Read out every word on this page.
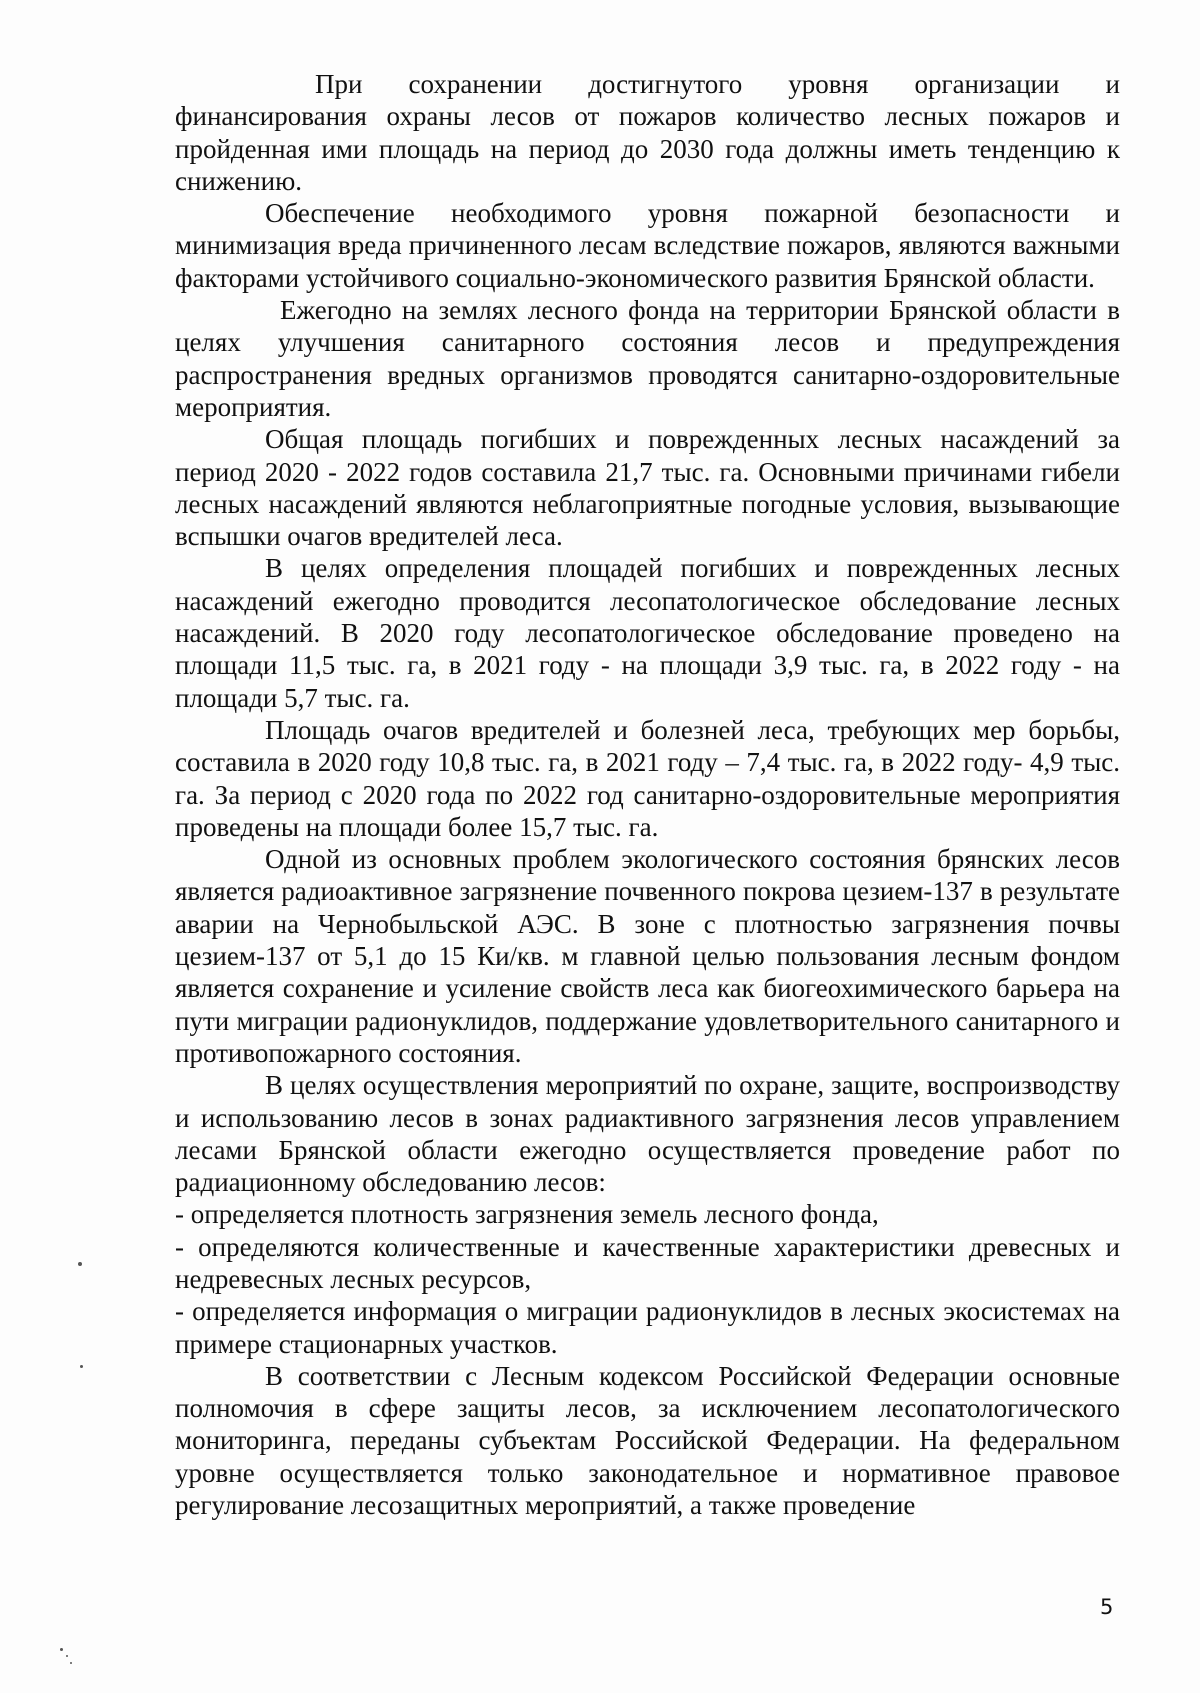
При сохранении достигнутого уровня организации и финансирования охраны лесов от пожаров количество лесных пожаров и пройденная ими площадь на период до 2030 года должны иметь тенденцию к снижению.

Обеспечение необходимого уровня пожарной безопасности и минимизация вреда причиненного лесам вследствие пожаров, являются важными факторами устойчивого социально-экономического развития Брянской области.

Ежегодно на землях лесного фонда на территории Брянской области в целях улучшения санитарного состояния лесов и предупреждения распространения вредных организмов проводятся санитарно-оздоровительные мероприятия.

Общая площадь погибших и поврежденных лесных насаждений за период 2020 - 2022 годов составила 21,7 тыс. га. Основными причинами гибели лесных насаждений являются неблагоприятные погодные условия, вызывающие вспышки очагов вредителей леса.

В целях определения площадей погибших и поврежденных лесных насаждений ежегодно проводится лесопатологическое обследование лесных насаждений. В 2020 году лесопатологическое обследование проведено на площади 11,5 тыс. га, в 2021 году - на площади 3,9 тыс. га, в 2022 году - на площади 5,7 тыс. га.

Площадь очагов вредителей и болезней леса, требующих мер борьбы, составила в 2020 году 10,8 тыс. га, в 2021 году – 7,4 тыс. га, в 2022 году- 4,9 тыс. га. За период с 2020 года по 2022 год санитарно-оздоровительные мероприятия проведены на площади более 15,7 тыс. га.

Одной из основных проблем экологического состояния брянских лесов является радиоактивное загрязнение почвенного покрова цезием-137 в результате аварии на Чернобыльской АЭС. В зоне с плотностью загрязнения почвы цезием-137 от 5,1 до 15 Ки/кв. м главной целью пользования лесным фондом является сохранение и усиление свойств леса как биогеохимического барьера на пути миграции радионуклидов, поддержание удовлетворительного санитарного и противопожарного состояния.

В целях осуществления мероприятий по охране, защите, воспроизводству и использованию лесов в зонах радиактивного загрязнения лесов управлением лесами Брянской области ежегодно осуществляется проведение работ по радиационному обследованию лесов:

- определяется плотность загрязнения земель лесного фонда,

- определяются количественные и качественные характеристики древесных и недревесных лесных ресурсов,

- определяется информация о миграции радионуклидов в лесных экосистемах на примере стационарных участков.

В соответствии с Лесным кодексом Российской Федерации основные полномочия в сфере защиты лесов, за исключением лесопатологического мониторинга, переданы субъектам Российской Федерации. На федеральном уровне осуществляется только законодательное и нормативное правовое регулирование лесозащитных мероприятий, а также проведение

5
